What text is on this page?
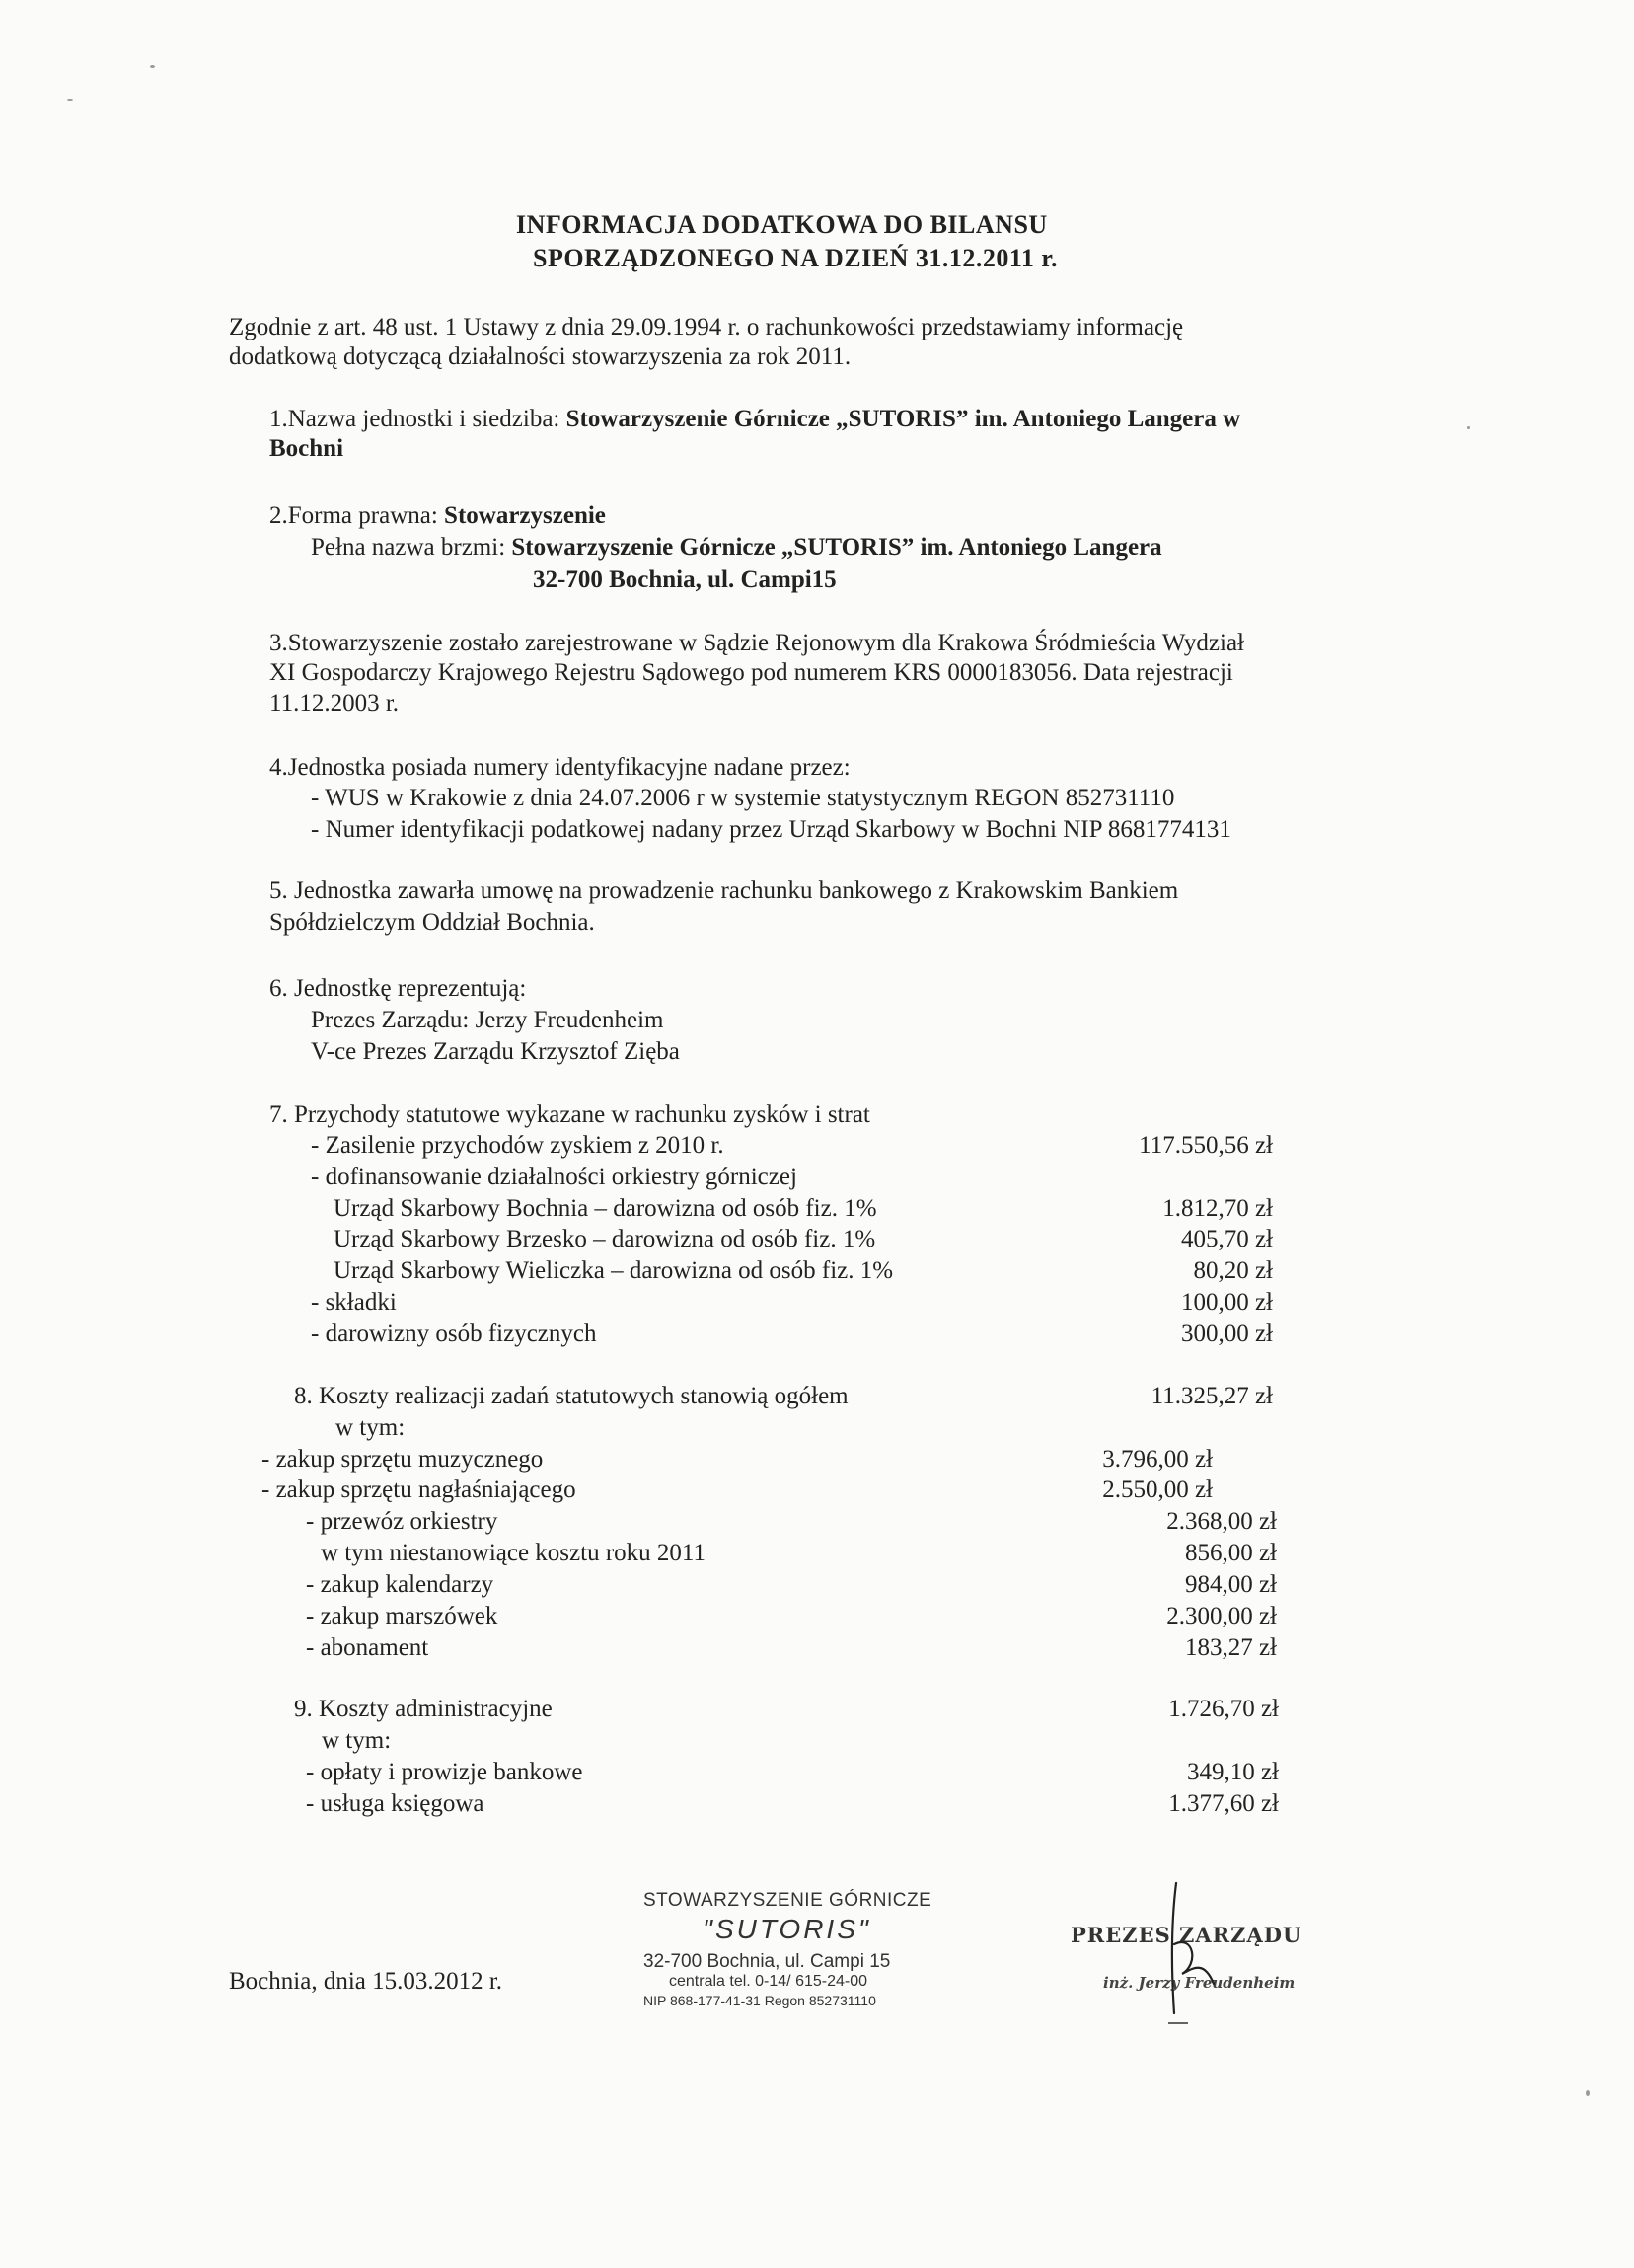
INFORMACJA DODATKOWA DO BILANSU
SPORZĄDZONEGO NA DZIEŃ 31.12.2011 r.
Zgodnie z art. 48 ust. 1 Ustawy z dnia 29.09.1994 r. o rachunkowości przedstawiamy informację
dodatkową dotyczącą działalności stowarzyszenia za rok 2011.
1.Nazwa jednostki i siedziba: Stowarzyszenie Górnicze „SUTORIS” im. Antoniego Langera w
Bochni
2.Forma prawna: Stowarzyszenie
Pełna nazwa brzmi: Stowarzyszenie Górnicze „SUTORIS” im. Antoniego Langera
32-700 Bochnia, ul. Campi15
3.Stowarzyszenie zostało zarejestrowane w Sądzie Rejonowym dla Krakowa Śródmieścia Wydział
XI Gospodarczy Krajowego Rejestru Sądowego pod numerem KRS 0000183056. Data rejestracji
11.12.2003 r.
4.Jednostka posiada numery identyfikacyjne nadane przez:
- WUS w Krakowie z dnia 24.07.2006 r w systemie statystycznym REGON 852731110
- Numer identyfikacji podatkowej nadany przez Urząd Skarbowy w Bochni NIP 8681774131
5. Jednostka zawarła umowę na prowadzenie rachunku bankowego z Krakowskim Bankiem
Spółdzielczym Oddział Bochnia.
6. Jednostkę reprezentują:
Prezes Zarządu: Jerzy Freudenheim
V-ce Prezes Zarządu Krzysztof Zięba
7. Przychody statutowe wykazane w rachunku zysków i strat
- Zasilenie przychodów zyskiem z 2010 r.	117.550,56 zł
- dofinansowanie działalności orkiestry górniczej
Urząd Skarbowy Bochnia – darowizna od osób fiz. 1%	1.812,70 zł
Urząd Skarbowy Brzesko – darowizna od osób fiz. 1%	405,70 zł
Urząd Skarbowy Wieliczka – darowizna od osób fiz. 1%	80,20 zł
- składki	100,00 zł
- darowizny osób fizycznych	300,00 zł
8. Koszty realizacji zadań statutowych stanowią ogółem	11.325,27 zł
w tym:
- zakup sprzętu muzycznego	3.796,00 zł
- zakup sprzętu nagłaśniającego	2.550,00 zł
- przewóz orkiestry	2.368,00 zł
w tym niestanowiące kosztu roku 2011	856,00 zł
- zakup kalendarzy	984,00 zł
- zakup marszówek	2.300,00 zł
- abonament	183,27 zł
9. Koszty administracyjne	1.726,70 zł
w tym:
- opłaty i prowizje bankowe	349,10 zł
- usługa księgowa	1.377,60 zł
Bochnia, dnia 15.03.2012 r.
STOWARZYSZENIE GÓRNICZE
"SUTORIS"
32-700 Bochnia, ul. Campi 15
centrala tel. 0-14/ 615-24-00
NIP 868-177-41-31 Regon 852731110
PREZES ZARZĄDU
inż. Jerzy Freudenheim
